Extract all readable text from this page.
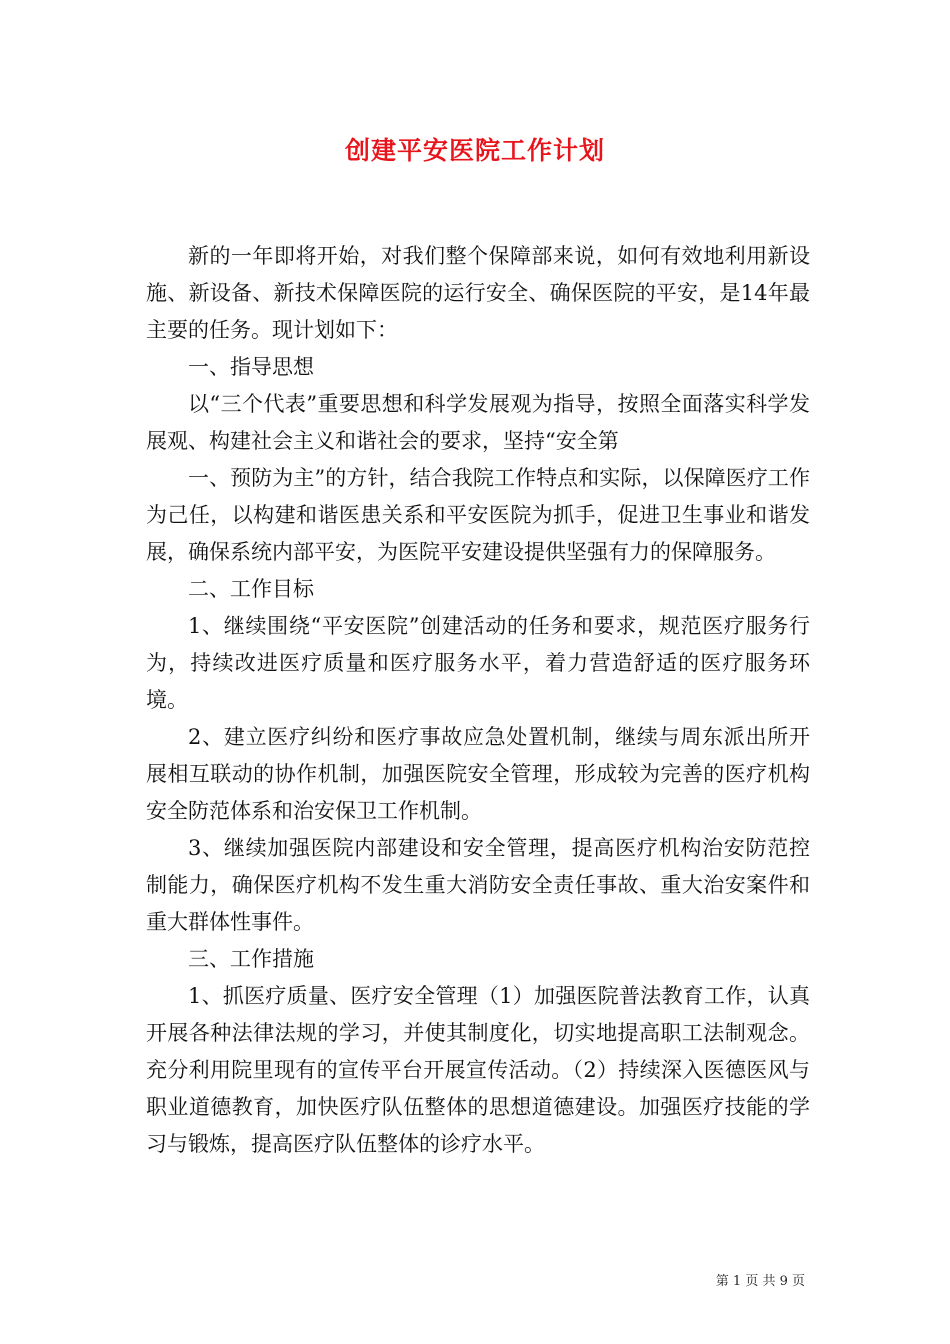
创建平安医院工作计划

新的一年即将开始，对我们整个保障部来说，如何有效地利用新设施、新设备、新技术保障医院的运行安全、确保医院的平安，是14年最主要的任务。现计划如下：

一、指导思想

以“三个代表”重要思想和科学发展观为指导，按照全面落实科学发展观、构建社会主义和谐社会的要求，坚持“安全第

一、预防为主”的方针，结合我院工作特点和实际，以保障医疗工作为己任，以构建和谐医患关系和平安医院为抓手，促进卫生事业和谐发展，确保系统内部平安，为医院平安建设提供坚强有力的保障服务。

二、工作目标

1、继续围绕“平安医院”创建活动的任务和要求，规范医疗服务行为，持续改进医疗质量和医疗服务水平，着力营造舒适的医疗服务环境。

2、建立医疗纠纷和医疗事故应急处置机制，继续与周东派出所开展相互联动的协作机制，加强医院安全管理，形成较为完善的医疗机构安全防范体系和治安保卫工作机制。

3、继续加强医院内部建设和安全管理，提高医疗机构治安防范控制能力，确保医疗机构不发生重大消防安全责任事故、重大治安案件和重大群体性事件。

三、工作措施

1、抓医疗质量、医疗安全管理（1）加强医院普法教育工作，认真开展各种法律法规的学习，并使其制度化，切实地提高职工法制观念。充分利用院里现有的宣传平台开展宣传活动。（2）持续深入医德医风与职业道德教育，加快医疗队伍整体的思想道德建设。加强医疗技能的学习与锻炼，提高医疗队伍整体的诊疗水平。

第 1 页 共 9 页
